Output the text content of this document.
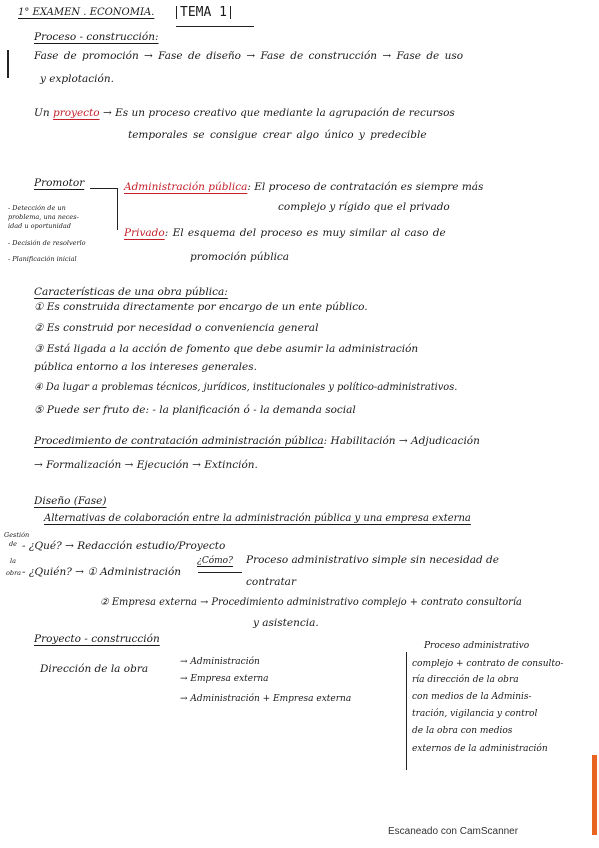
1° EXAMEN . ECONOMIA.	TEMA 1
Proceso - construcción:
Fase de promoción → Fase de diseño → Fase de construcción → Fase de uso
y explotación.
Un proyecto → Es un proceso creativo que mediante la agrupación de recursos
temporales se consigue crear algo único y predecible
Promotor
- Detección de un
problema, una neces-
idad u oportunidad
- Decisión de resolverlo
- Planificación inicial
Administración pública: El proceso de contratación es siempre más
complejo y rígido que el privado
Privado: El esquema del proceso es muy similar al caso de
promoción pública
Características de una obra pública:
① Es construida directamente por encargo de un ente público.
② Es construid por necesidad o conveniencia general
③ Está ligada a la acción de fomento que debe asumir la administración
pública entorno a los intereses generales.
④ Da lugar a problemas técnicos, jurídicos, institucionales y político-administrativos.
⑤ Puede ser fruto de: - la planificación ó - la demanda social
Procedimiento de contratación administración pública: Habilitación → Adjudicación
→ Formalización → Ejecución → Extinción.
Diseño (Fase)
Alternativas de colaboración entre la administración pública y una empresa externa
Gestión
de
la
obra
- ¿Qué? → Redacción estudio/Proyecto
- ¿Quién? → ① Administración
¿Cómo? Proceso administrativo simple sin necesidad de
contratar
② Empresa externa → Procedimiento administrativo complejo + contrato consultoría
y asistencia.
Proyecto - construcción
Dirección de la obra
→ Administración
→ Empresa externa
→ Administración + Empresa externa
Proceso administrativo
complejo + contrato de consulto-
ría dirección de la obra
con medios de la Adminis-
tración, vigilancia y control
de la obra con medios
externos de la administración
Escaneado con CamScanner
